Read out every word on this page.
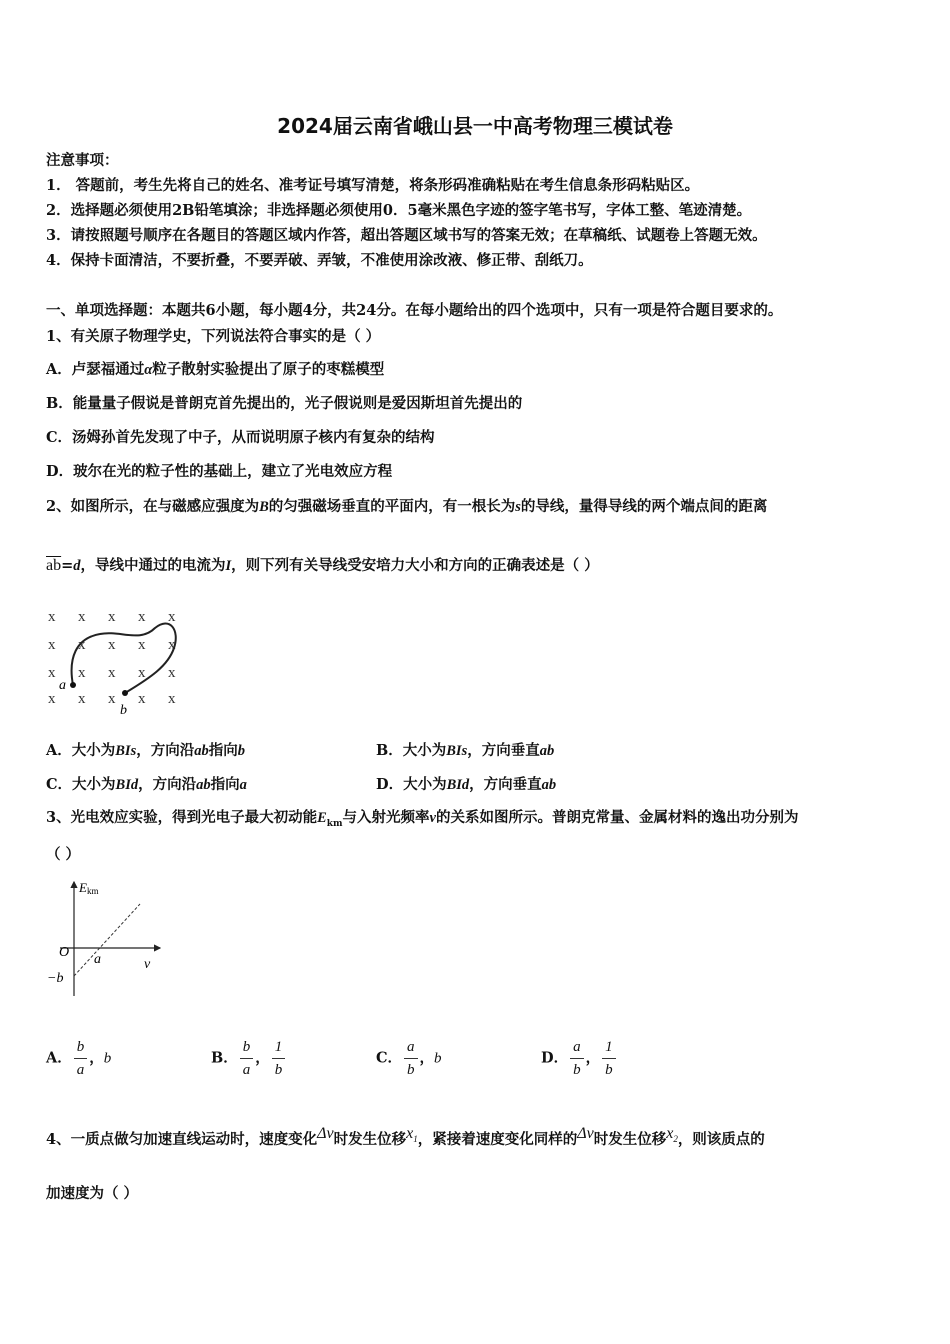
2024届云南省峨山县一中高考物理三模试卷
注意事项：
1． 答题前，考生先将自己的姓名、准考证号填写清楚，将条形码准确粘贴在考生信息条形码粘贴区。
2．选择题必须使用2B铅笔填涂；非选择题必须使用0．5毫米黑色字迹的签字笔书写，字体工整、笔迹清楚。
3．请按照题号顺序在各题目的答题区域内作答，超出答题区域书写的答案无效；在草稿纸、试题卷上答题无效。
4．保持卡面清洁，不要折叠，不要弄破、弄皱，不准使用涂改液、修正带、刮纸刀。
一、单项选择题：本题共6小题，每小题4分，共24分。在每小题给出的四个选项中，只有一项是符合题目要求的。
1、有关原子物理学史，下列说法符合事实的是（ ）
A．卢瑟福通过α粒子散射实验提出了原子的枣糕模型
B．能量量子假说是普朗克首先提出的，光子假说则是爱因斯坦首先提出的
C．汤姆孙首先发现了中子，从而说明原子核内有复杂的结构
D．玻尔在光的粒子性的基础上，建立了光电效应方程
2、如图所示，在与磁感应强度为B的匀强磁场垂直的平面内，有一根长为s的导线，量得导线的两个端点间的距离
$\overline{ab}=d$，导线中通过的电流为I，则下列有关导线受安培力大小和方向的正确表述是（ ）
x x x x x
x x x x x
x x x x x
x x x x x
a
b
A．大小为BIs，方向沿ab指向b	B．大小为BIs，方向垂直ab
C．大小为BId，方向沿ab指向a	D．大小为BId，方向垂直ab
3、光电效应实验，得到光电子最大初动能$E_{km}$与入射光频率ν的关系如图所示。普朗克常量、金属材料的逸出功分别为
（ ）
Ekm
ν
O a
−b
A． $\frac{b}{a}$ ，b	B． $\frac{b}{a}$ ， $\frac{1}{b}$	C． $\frac{a}{b}$ ，b	D． $\frac{a}{b}$ ， $\frac{1}{b}$
4、一质点做匀加速直线运动时，速度变化Δv时发生位移$x_1$，紧接着速度变化同样的Δv时发生位移$x_2$，则该质点的
加速度为（ ）
